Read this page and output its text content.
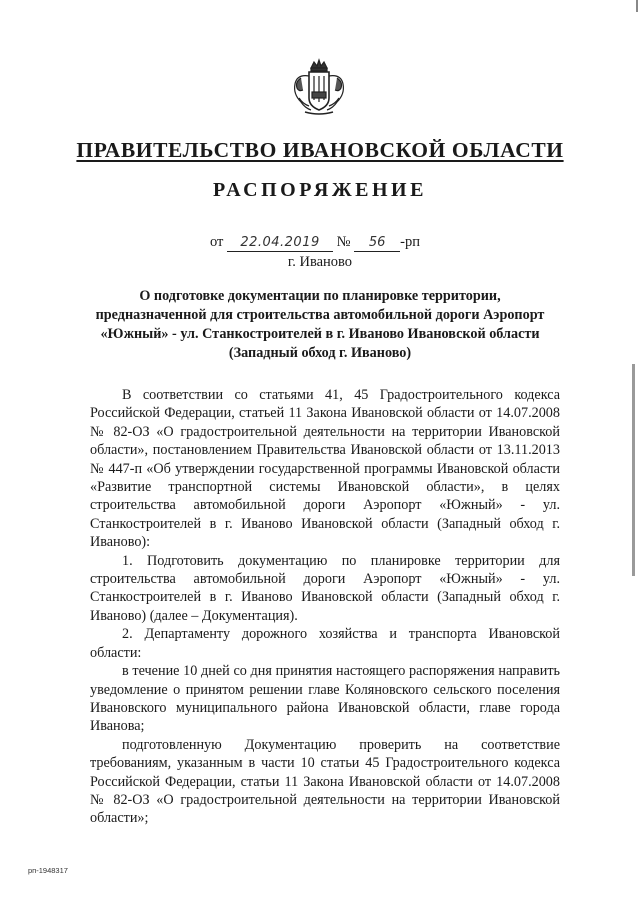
ПРАВИТЕЛЬСТВО ИВАНОВСКОЙ ОБЛАСТИ
РАСПОРЯЖЕНИЕ
от 22.04.2019 № 56 -рп
г. Иваново
О подготовке документации по планировке территории, предназначенной для строительства автомобильной дороги Аэропорт «Южный» - ул. Станкостроителей в г. Иваново Ивановской области (Западный обход г. Иваново)

В соответствии со статьями 41, 45 Градостроительного кодекса Российской Федерации, статьей 11 Закона Ивановской области от 14.07.2008 № 82-ОЗ «О градостроительной деятельности на территории Ивановской области», постановлением Правительства Ивановской области от 13.11.2013 № 447-п «Об утверждении государственной программы Ивановской области «Развитие транспортной системы Ивановской области», в целях строительства автомобильной дороги Аэропорт «Южный» - ул. Станкостроителей в г. Иваново Ивановской области (Западный обход г. Иваново):

1. Подготовить документацию по планировке территории для строительства автомобильной дороги Аэропорт «Южный» - ул. Станкостроителей в г. Иваново Ивановской области (Западный обход г. Иваново) (далее – Документация).

2. Департаменту дорожного хозяйства и транспорта Ивановской области:

в течение 10 дней со дня принятия настоящего распоряжения направить уведомление о принятом решении главе Коляновского сельского поселения Ивановского муниципального района Ивановской области, главе города Иванова;

подготовленную Документацию проверить на соответствие требованиям, указанным в части 10 статьи 45 Градостроительного кодекса Российской Федерации, статьи 11 Закона Ивановской области от 14.07.2008 № 82-ОЗ «О градостроительной деятельности на территории Ивановской области»;

рп-1948317
